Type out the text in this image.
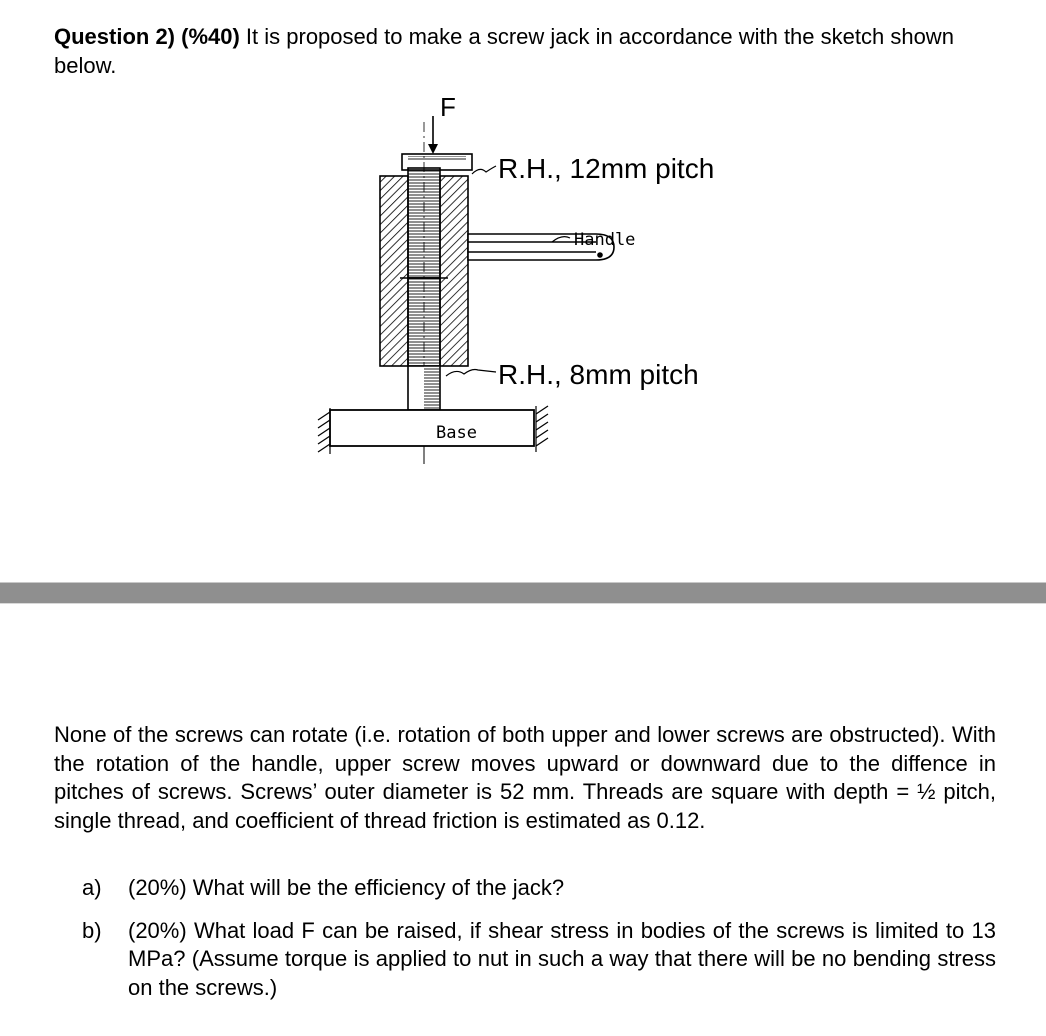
Question 2) (%40) It is proposed to make a screw jack in accordance with the sketch shown below.
F
Base
R.H., 12mm pitch
Handle
R.H., 8mm pitch
None of the screws can rotate (i.e. rotation of both upper and lower screws are obstructed). With the rotation of the handle, upper screw moves upward or downward due to the diffence in pitches of screws. Screws’ outer diameter is 52 mm. Threads are square with depth = ½ pitch, single thread, and coefficient of thread friction is estimated as 0.12.
a)	(20%) What will be the efficiency of the jack?
b)	(20%) What load F can be raised, if shear stress in bodies of the screws is limited to 13 MPa? (Assume torque is applied to nut in such a way that there will be no bending stress on the screws.)
